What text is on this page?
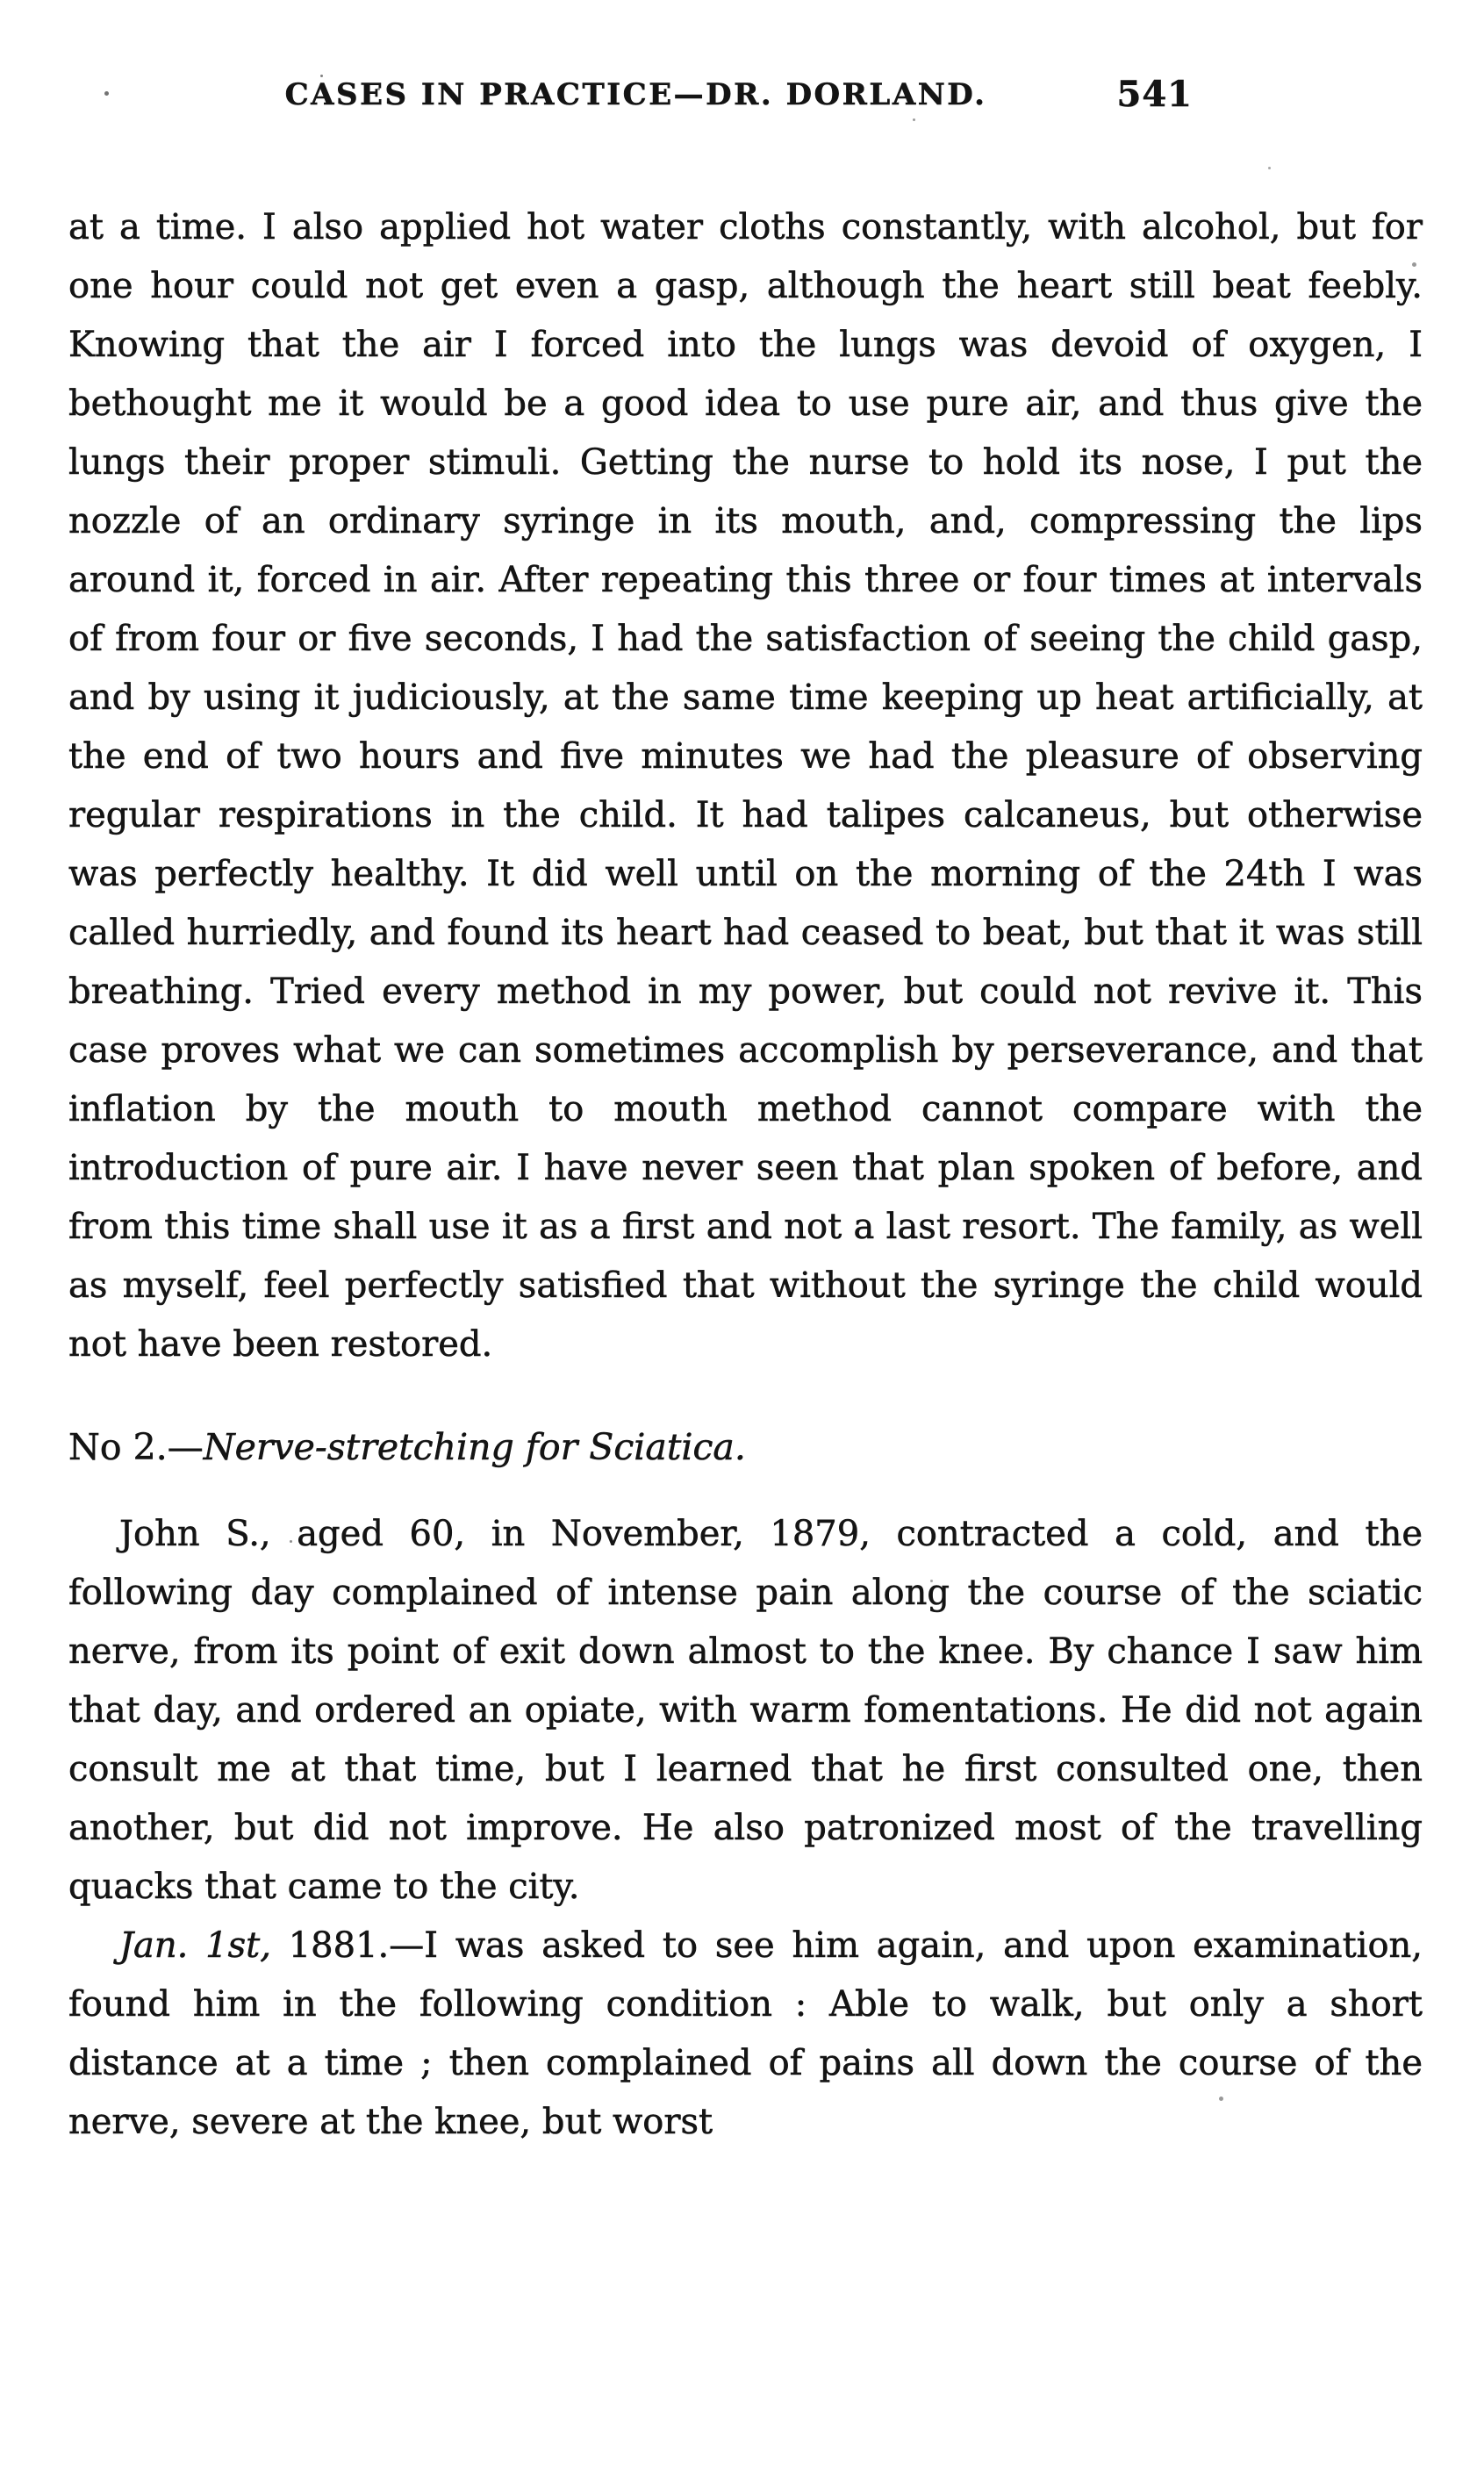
CASES IN PRACTICE—DR. DORLAND.	541

at a time. I also applied hot water cloths constantly, with alcohol, but for one hour could not get even a gasp, although the heart still beat feebly. Knowing that the air I forced into the lungs was devoid of oxygen, I bethought me it would be a good idea to use pure air, and thus give the lungs their proper stimuli. Getting the nurse to hold its nose, I put the nozzle of an ordinary syringe in its mouth, and, compressing the lips around it, forced in air. After repeating this three or four times at intervals of from four or five seconds, I had the satisfaction of seeing the child gasp, and by using it judiciously, at the same time keeping up heat artificially, at the end of two hours and five minutes we had the pleasure of observing regular respirations in the child. It had talipes calcaneus, but otherwise was perfectly healthy. It did well until on the morning of the 24th I was called hurriedly, and found its heart had ceased to beat, but that it was still breathing. Tried every method in my power, but could not revive it. This case proves what we can sometimes accomplish by perseverance, and that inflation by the mouth to mouth method cannot compare with the introduction of pure air. I have never seen that plan spoken of before, and from this time shall use it as a first and not a last resort. The family, as well as myself, feel perfectly satisfied that without the syringe the child would not have been restored.

No 2.—Nerve-stretching for Sciatica.

John S., aged 60, in November, 1879, contracted a cold, and the following day complained of intense pain along the course of the sciatic nerve, from its point of exit down almost to the knee. By chance I saw him that day, and ordered an opiate, with warm fomentations. He did not again consult me at that time, but I learned that he first consulted one, then another, but did not improve. He also patronized most of the travelling quacks that came to the city.

Jan. 1st, 1881.—I was asked to see him again, and upon examination, found him in the following condition : Able to walk, but only a short distance at a time ; then complained of pains all down the course of the nerve, severe at the knee, but worst
